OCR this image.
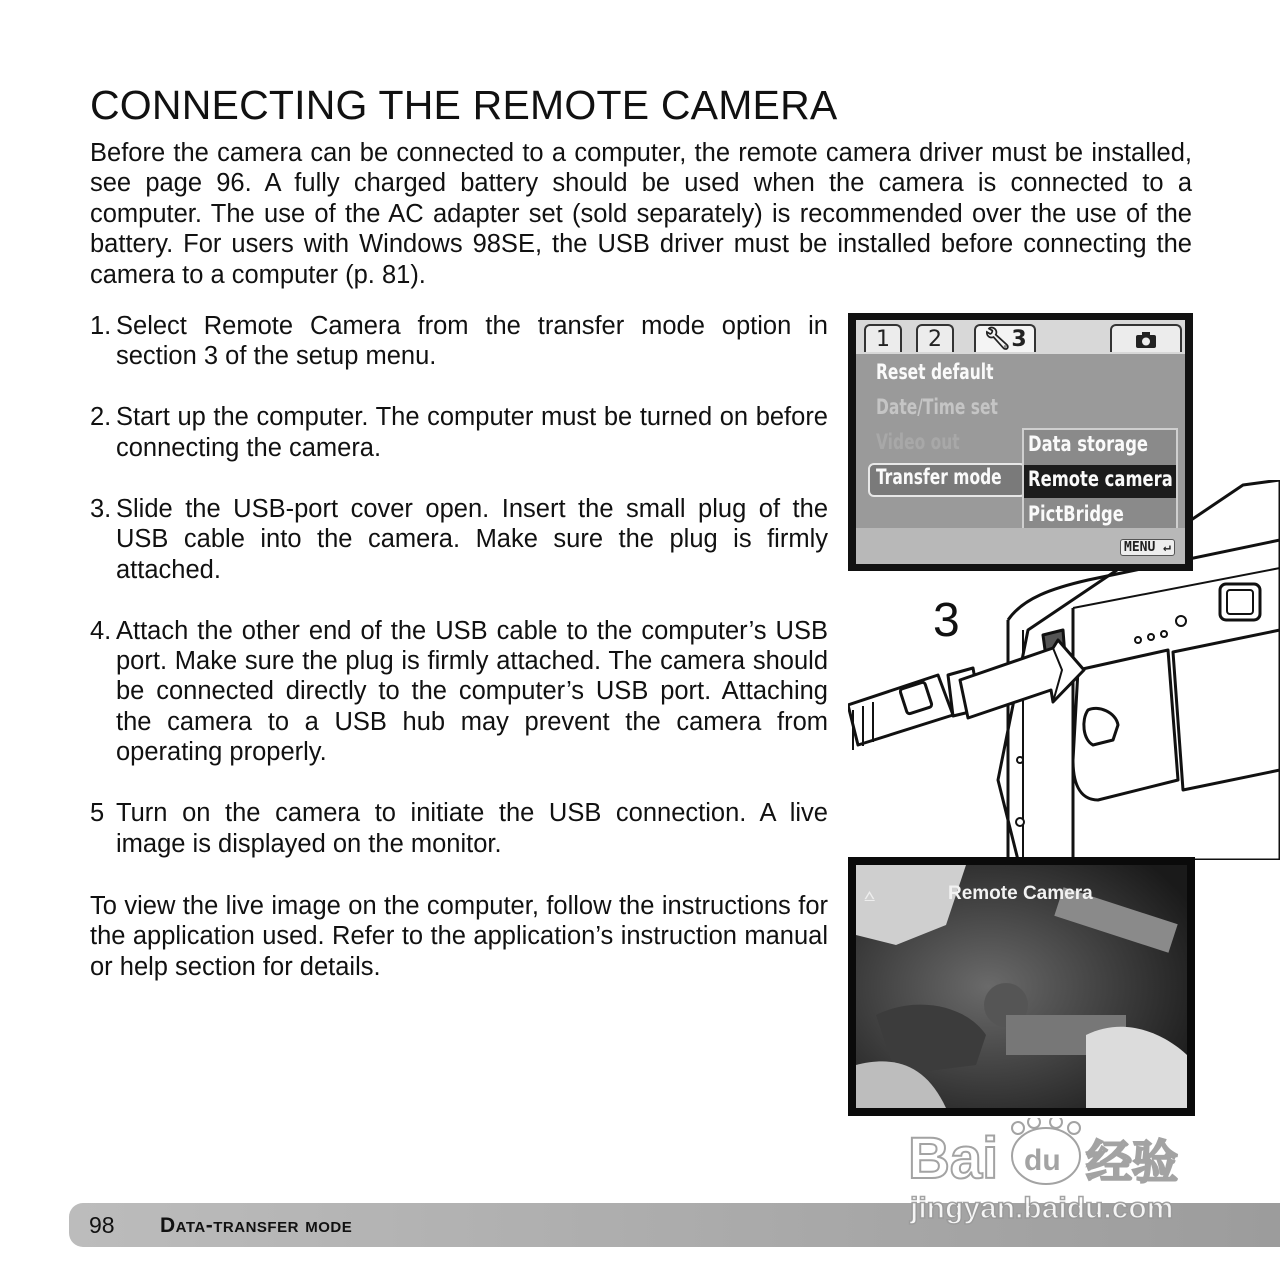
CONNECTING THE REMOTE CAMERA

Before the camera can be connected to a computer, the remote camera driver must be installed, see page 96. A fully charged battery should be used when the camera is connected to a computer. The use of the AC adapter set (sold separately) is recommended over the use of the battery. For users with Windows 98SE, the USB driver must be installed before connecting the camera to a computer (p. 81).

1. Select Remote Camera from the transfer mode option in section 3 of the setup menu.
2. Start up the computer. The computer must be turned on before connecting the camera.
3. Slide the USB-port cover open. Insert the small plug of the USB cable into the camera. Make sure the plug is firmly attached.
4. Attach the other end of the USB cable to the computer’s USB port. Make sure the plug is firmly attached. The camera should be connected directly to the computer’s USB port. Attaching the camera to a USB hub may prevent the camera from operating properly.
5 Turn on the camera to initiate the USB connection. A live image is displayed on the monitor.

To view the live image on the computer, follow the instructions for the application used. Refer to the application’s instruction manual or help section for details.

3
1	2	🔧︎3
Reset default
Date/Time set
Video out
Transfer mode
Data storage
Remote camera
PictBridge
MENU ↵
⩟	Remote Camera
98 Data-transfer mode
Bai du 经验
jingyan.baidu.com
